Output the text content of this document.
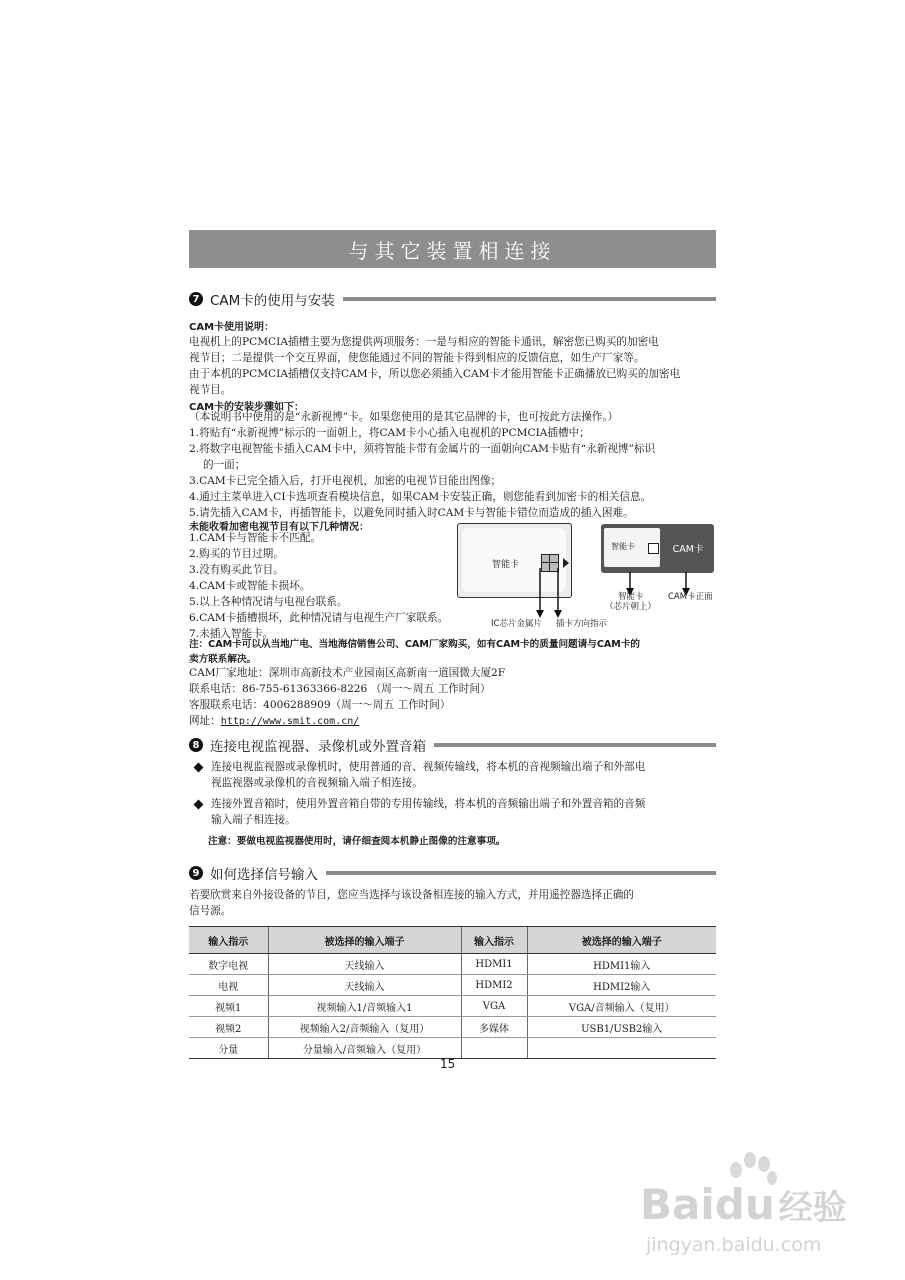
与其它装置相连接
7 CAM卡的使用与安装
CAM卡使用说明：
电视机上的PCMCIA插槽主要为您提供两项服务：一是与相应的智能卡通讯，解密您已购买的加密电
视节目；二是提供一个交互界面，使您能通过不同的智能卡得到相应的反馈信息，如生产厂家等。
由于本机的PCMCIA插槽仅支持CAM卡，所以您必须插入CAM卡才能用智能卡正确播放已购买的加密电
视节目。
CAM卡的安装步骤如下：
（本说明书中使用的是“永新视博”卡。如果您使用的是其它品牌的卡，也可按此方法操作。）
1.将贴有“永新视博”标示的一面朝上，将CAM卡小心插入电视机的PCMCIA插槽中；
2.将数字电视智能卡插入CAM卡中，须将智能卡带有金属片的一面朝向CAM卡贴有“永新视博”标识
的一面；
3.CAM卡已完全插入后，打开电视机，加密的电视节目能出图像；
4.通过主菜单进入CI卡选项查看模块信息，如果CAM卡安装正确，则您能看到加密卡的相关信息。
5.请先插入CAM卡，再插智能卡，以避免同时插入时CAM卡与智能卡错位而造成的插入困难。
未能收看加密电视节目有以下几种情况：
1.CAM卡与智能卡不匹配。
2.购买的节目过期。
3.没有购买此节目。
4.CAM卡或智能卡损坏。
5.以上各种情况请与电视台联系。
6.CAM卡插槽损坏，此种情况请与电视生产厂家联系。
7.未插入智能卡。
智能卡
IC芯片金属片 插卡方向指示
智能卡	CAM卡
智能卡
（芯片朝上）
CAM卡正面
注：CAM卡可以从当地广电、当地海信销售公司、CAM厂家购买，如有CAM卡的质量问题请与CAM卡的
卖方联系解决。
CAM厂家地址：深圳市高新技术产业园南区高新南一道国微大厦2F
联系电话：86-755-61363366-8226 （周一～周五 工作时间）
客服联系电话：4006288909（周一～周五 工作时间）
网址：http://www.smit.com.cn/
8 连接电视监视器、录像机或外置音箱
连接电视监视器或录像机时，使用普通的音、视频传输线，将本机的音视频输出端子和外部电
视监视器或录像机的音视频输入端子相连接。
连接外置音箱时，使用外置音箱自带的专用传输线，将本机的音频输出端子和外置音箱的音频
输入端子相连接。
注意：要做电视监视器使用时，请仔细查阅本机静止图像的注意事项。
9 如何选择信号输入
若要欣赏来自外接设备的节目，您应当选择与该设备相连接的输入方式，并用遥控器选择正确的
信号源。
输入指示	被选择的输入端子	输入指示	被选择的输入端子
数字电视	天线输入	HDMI1	HDMI1输入
电视	天线输入	HDMI2	HDMI2输入
视频1	视频输入1/音频输入1	VGA	VGA/音频输入（复用）
视频2	视频输入2/音频输入（复用）	多媒体	USB1/USB2输入
分量	分量输入/音频输入（复用）		
15
Baidu 经验
jingyan.baidu.com
